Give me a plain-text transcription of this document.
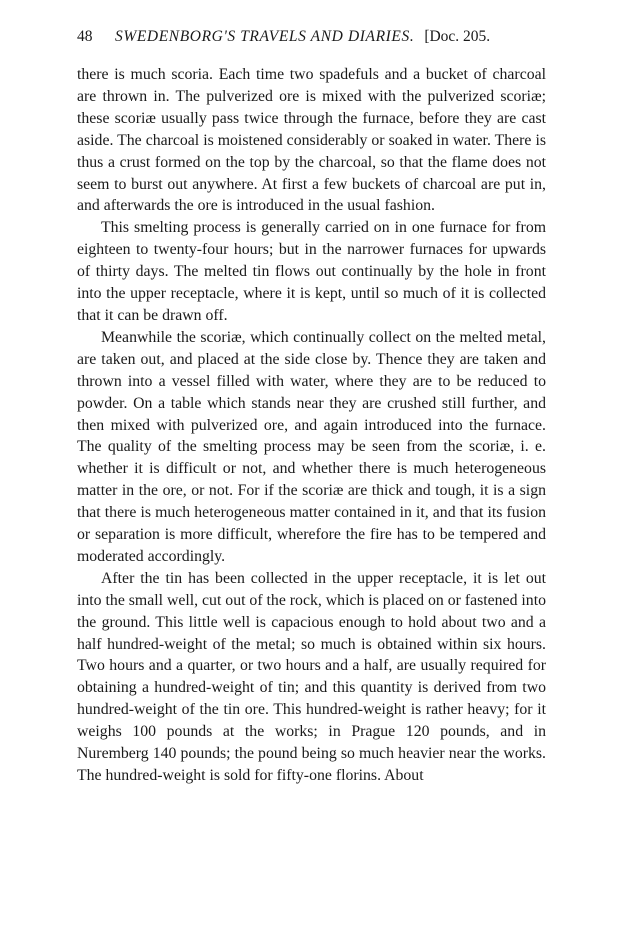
48 SWEDENBORG'S TRAVELS AND DIARIES. [Doc. 205.

there is much scoria. Each time two spadefuls and a bucket of charcoal are thrown in. The pulverized ore is mixed with the pulverized scoriæ; these scoriæ usually pass twice through the furnace, before they are cast aside. The charcoal is moistened considerably or soaked in water. There is thus a crust formed on the top by the charcoal, so that the flame does not seem to burst out anywhere. At first a few buckets of charcoal are put in, and afterwards the ore is introduced in the usual fashion.

This smelting process is generally carried on in one furnace for from eighteen to twenty-four hours; but in the narrower furnaces for upwards of thirty days. The melted tin flows out continually by the hole in front into the upper receptacle, where it is kept, until so much of it is collected that it can be drawn off.

Meanwhile the scoriæ, which continually collect on the melted metal, are taken out, and placed at the side close by. Thence they are taken and thrown into a vessel filled with water, where they are to be reduced to powder. On a table which stands near they are crushed still further, and then mixed with pulverized ore, and again introduced into the furnace. The quality of the smelting process may be seen from the scoriæ, i. e. whether it is difficult or not, and whether there is much heterogeneous matter in the ore, or not. For if the scoriæ are thick and tough, it is a sign that there is much heterogeneous matter contained in it, and that its fusion or separation is more difficult, wherefore the fire has to be tempered and moderated accordingly.

After the tin has been collected in the upper receptacle, it is let out into the small well, cut out of the rock, which is placed on or fastened into the ground. This little well is capacious enough to hold about two and a half hundred-weight of the metal; so much is obtained within six hours. Two hours and a quarter, or two hours and a half, are usually required for obtaining a hundred-weight of tin; and this quantity is derived from two hundred-weight of the tin ore. This hundred-weight is rather heavy; for it weighs 100 pounds at the works; in Prague 120 pounds, and in Nuremberg 140 pounds; the pound being so much heavier near the works. The hundred-weight is sold for fifty-one florins. About
